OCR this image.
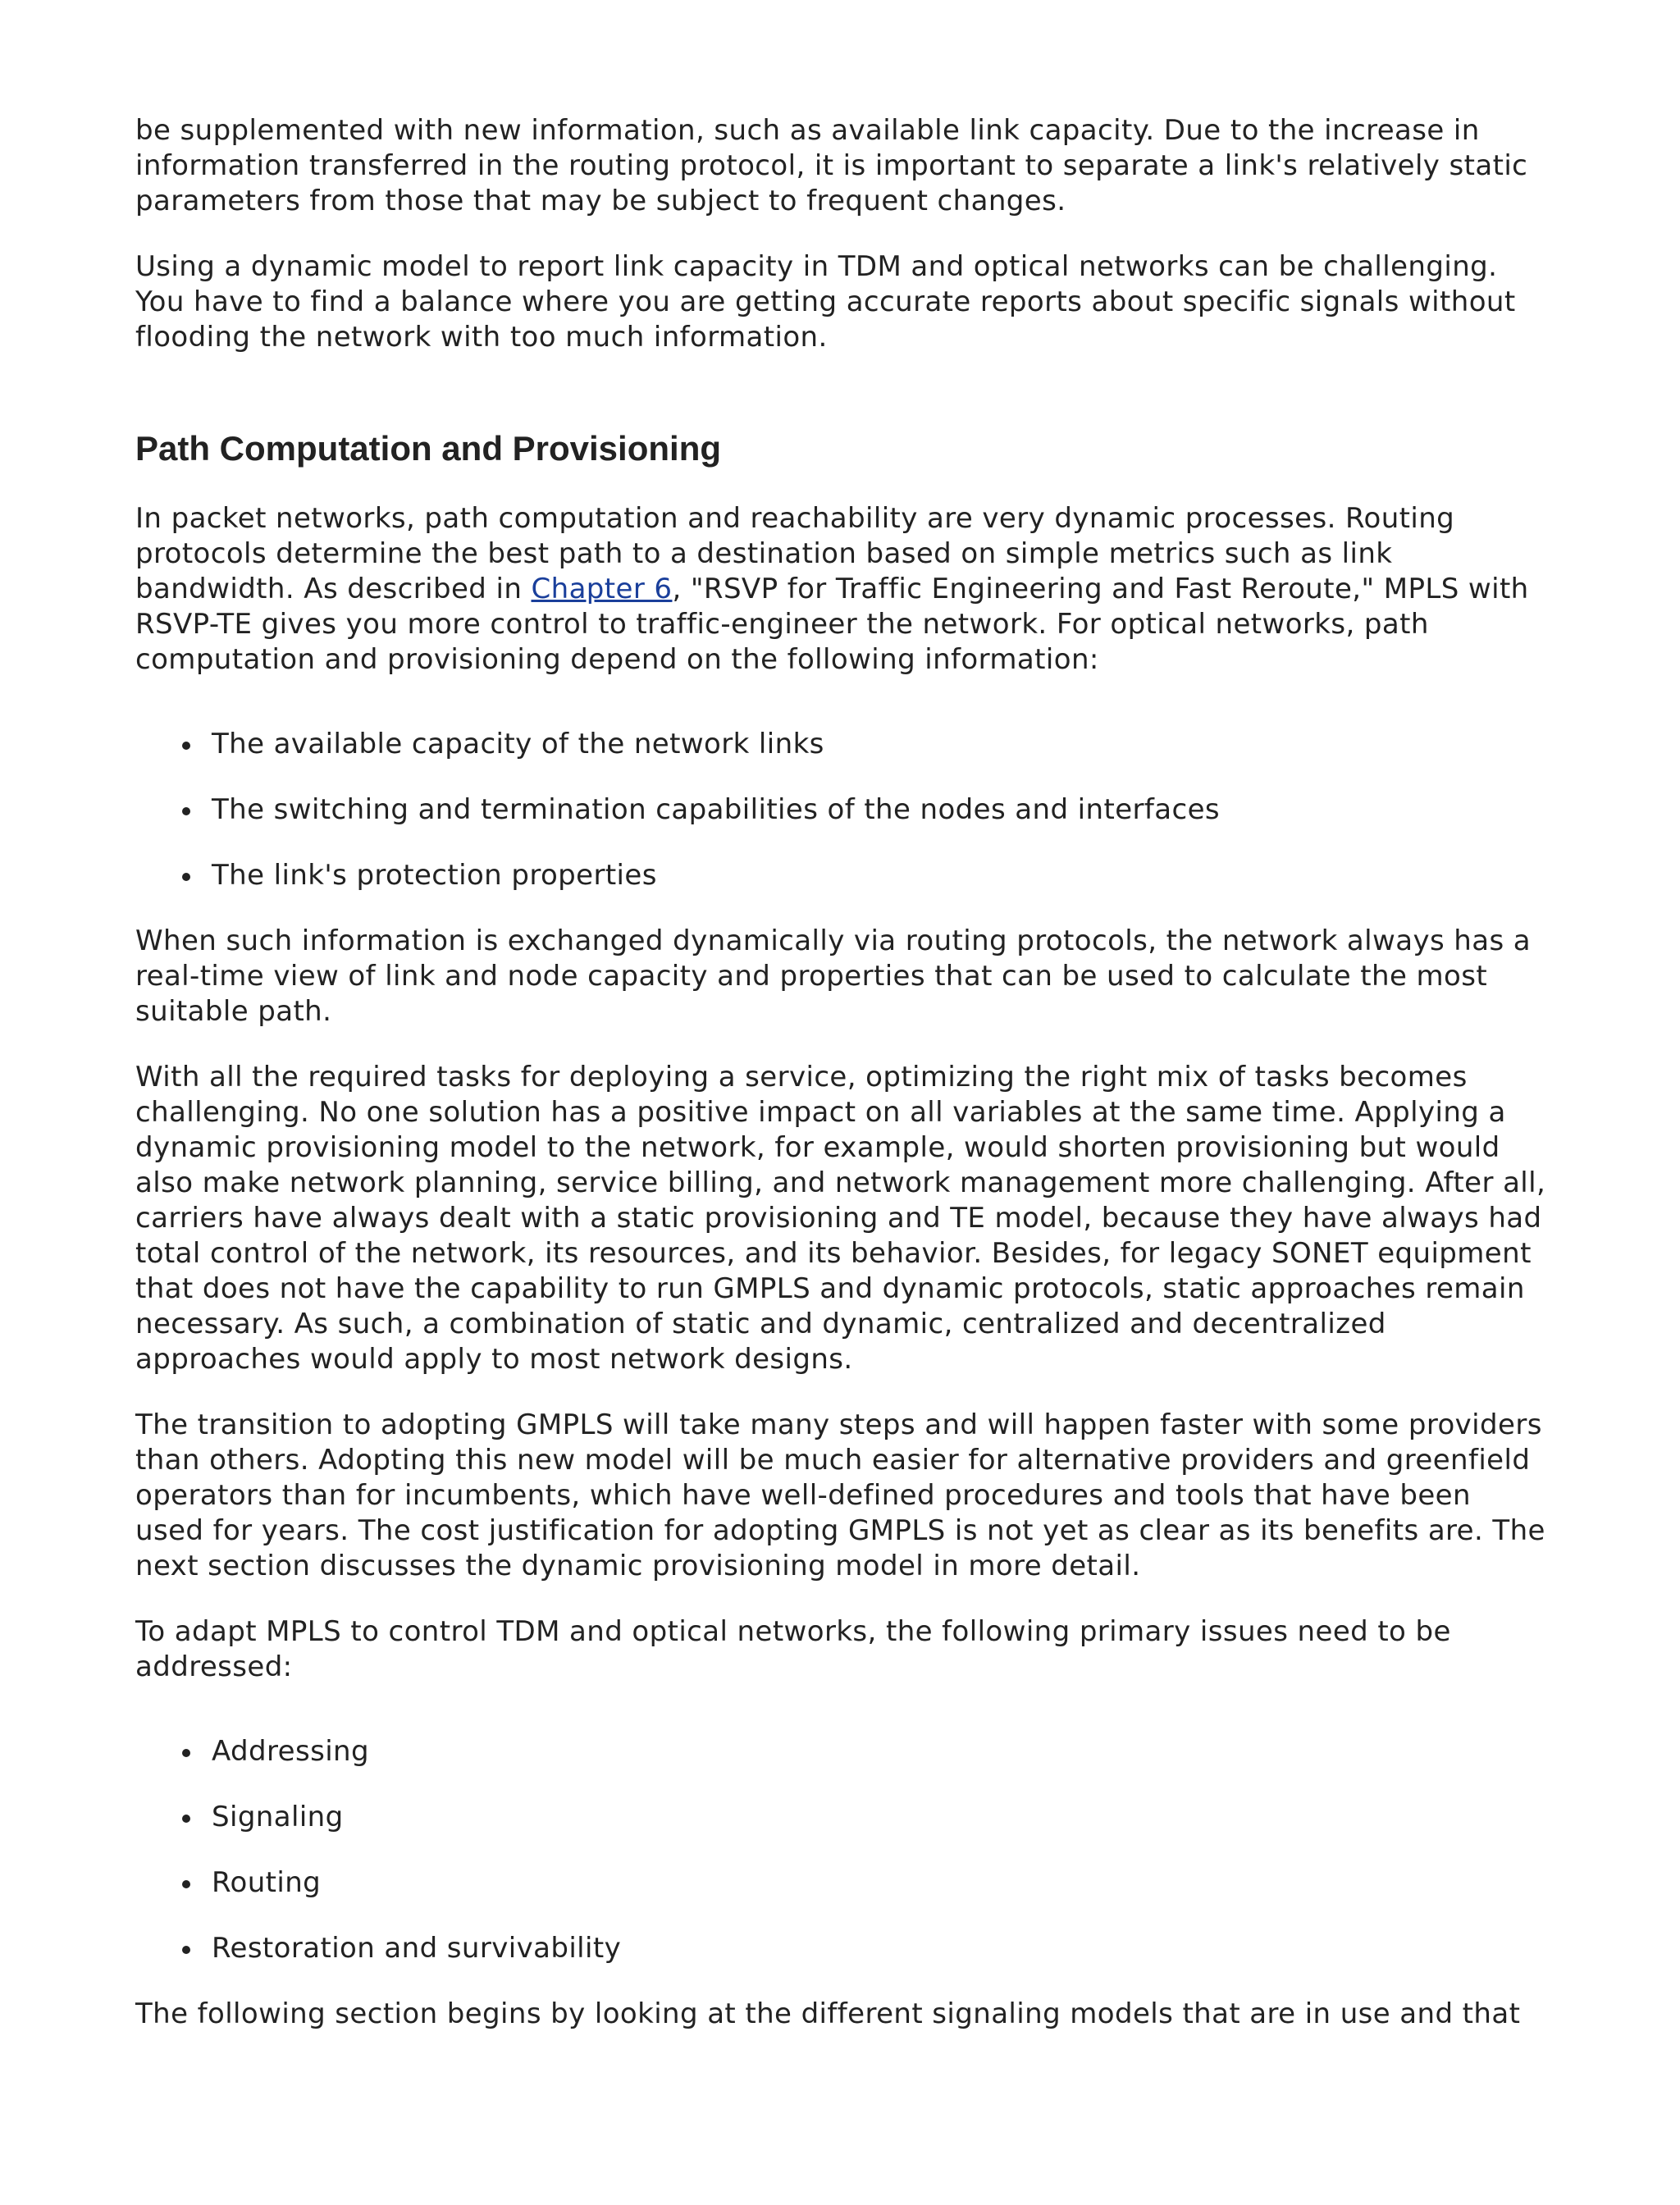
be supplemented with new information, such as available link capacity. Due to the increase in information transferred in the routing protocol, it is important to separate a link's relatively static parameters from those that may be subject to frequent changes.

Using a dynamic model to report link capacity in TDM and optical networks can be challenging. You have to find a balance where you are getting accurate reports about specific signals without flooding the network with too much information.

Path Computation and Provisioning

In packet networks, path computation and reachability are very dynamic processes. Routing protocols determine the best path to a destination based on simple metrics such as link bandwidth. As described in Chapter 6, "RSVP for Traffic Engineering and Fast Reroute," MPLS with RSVP-TE gives you more control to traffic-engineer the network. For optical networks, path computation and provisioning depend on the following information:

The available capacity of the network links
The switching and termination capabilities of the nodes and interfaces
The link's protection properties

When such information is exchanged dynamically via routing protocols, the network always has a real-time view of link and node capacity and properties that can be used to calculate the most suitable path.

With all the required tasks for deploying a service, optimizing the right mix of tasks becomes challenging. No one solution has a positive impact on all variables at the same time. Applying a dynamic provisioning model to the network, for example, would shorten provisioning but would also make network planning, service billing, and network management more challenging. After all, carriers have always dealt with a static provisioning and TE model, because they have always had total control of the network, its resources, and its behavior. Besides, for legacy SONET equipment that does not have the capability to run GMPLS and dynamic protocols, static approaches remain necessary. As such, a combination of static and dynamic, centralized and decentralized approaches would apply to most network designs.

The transition to adopting GMPLS will take many steps and will happen faster with some providers than others. Adopting this new model will be much easier for alternative providers and greenfield operators than for incumbents, which have well-defined procedures and tools that have been used for years. The cost justification for adopting GMPLS is not yet as clear as its benefits are. The next section discusses the dynamic provisioning model in more detail.

To adapt MPLS to control TDM and optical networks, the following primary issues need to be addressed:

Addressing
Signaling
Routing
Restoration and survivability

The following section begins by looking at the different signaling models that are in use and that
